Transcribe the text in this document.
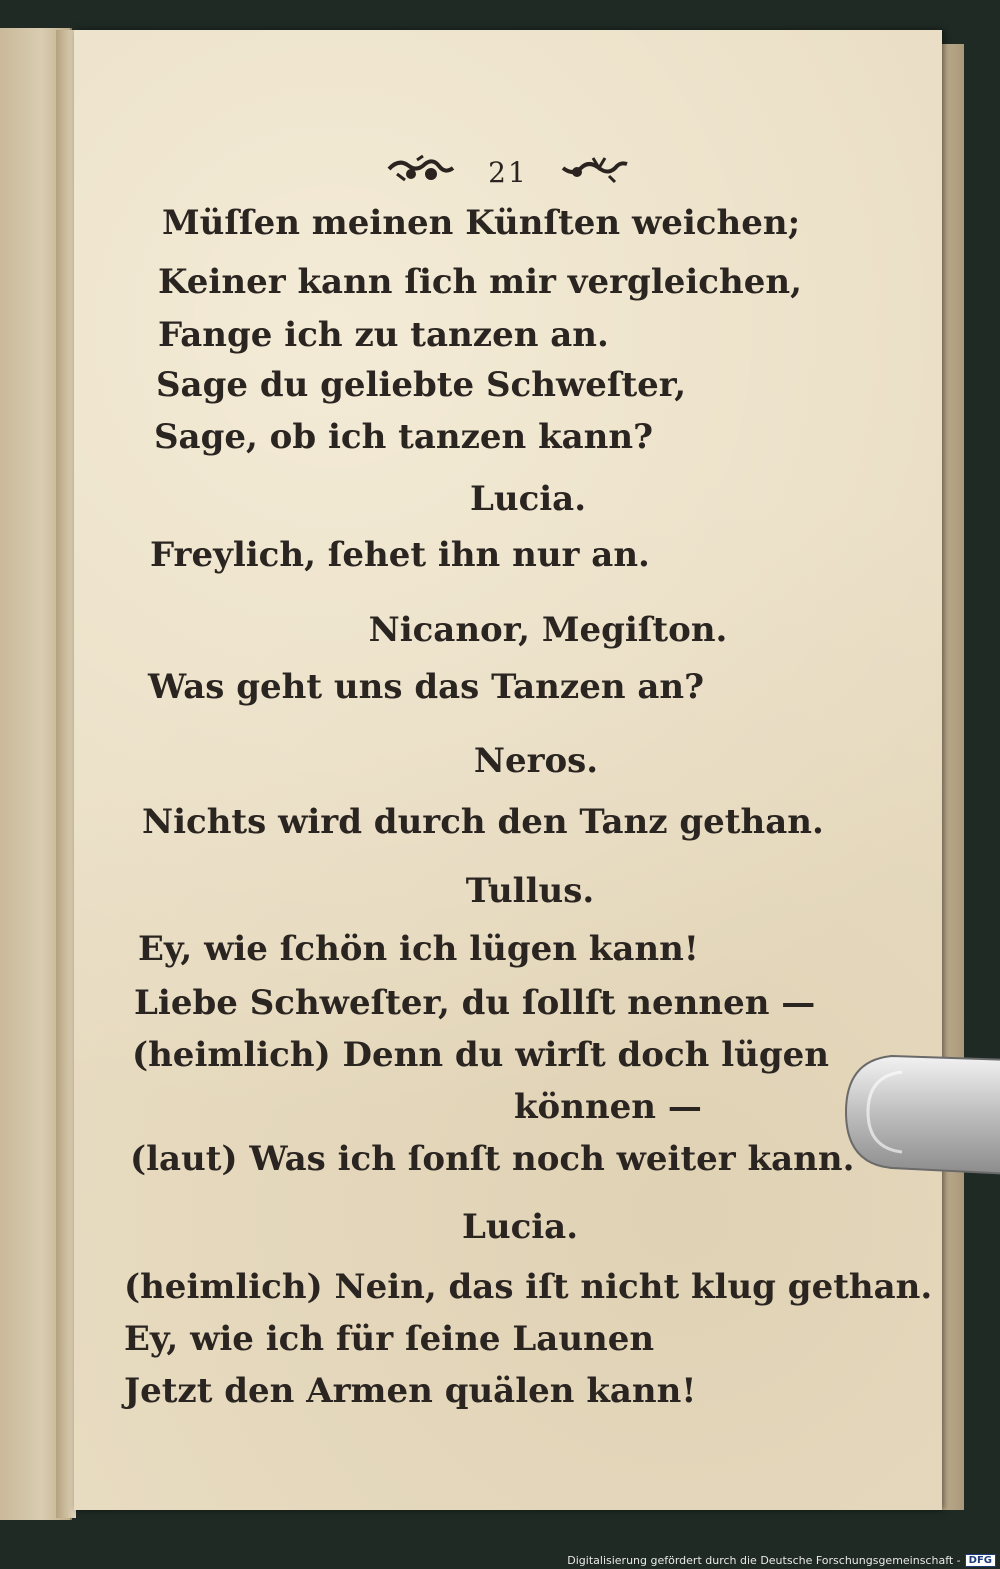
21
Müſſen meinen Künſten weichen;
Keiner kann ſich mir vergleichen,
Fange ich zu tanzen an.
Sage du geliebte Schweſter,
Sage, ob ich tanzen kann?
Lucia.
Freylich, ſehet ihn nur an.
Nicanor, Megiſton.
Was geht uns das Tanzen an?
Neros.
Nichts wird durch den Tanz gethan.
Tullus.
Ey, wie ſchön ich lügen kann!
Liebe Schweſter, du ſollſt nennen —
(heimlich) Denn du wirſt doch lügen
können —
(laut) Was ich ſonſt noch weiter kann.
Lucia.
(heimlich) Nein, das iſt nicht klug gethan.
Ey, wie ich für ſeine Launen
Jetzt den Armen quälen kann!
Digitalisierung gefördert durch die Deutsche Forschungsgemeinschaft - DFG
